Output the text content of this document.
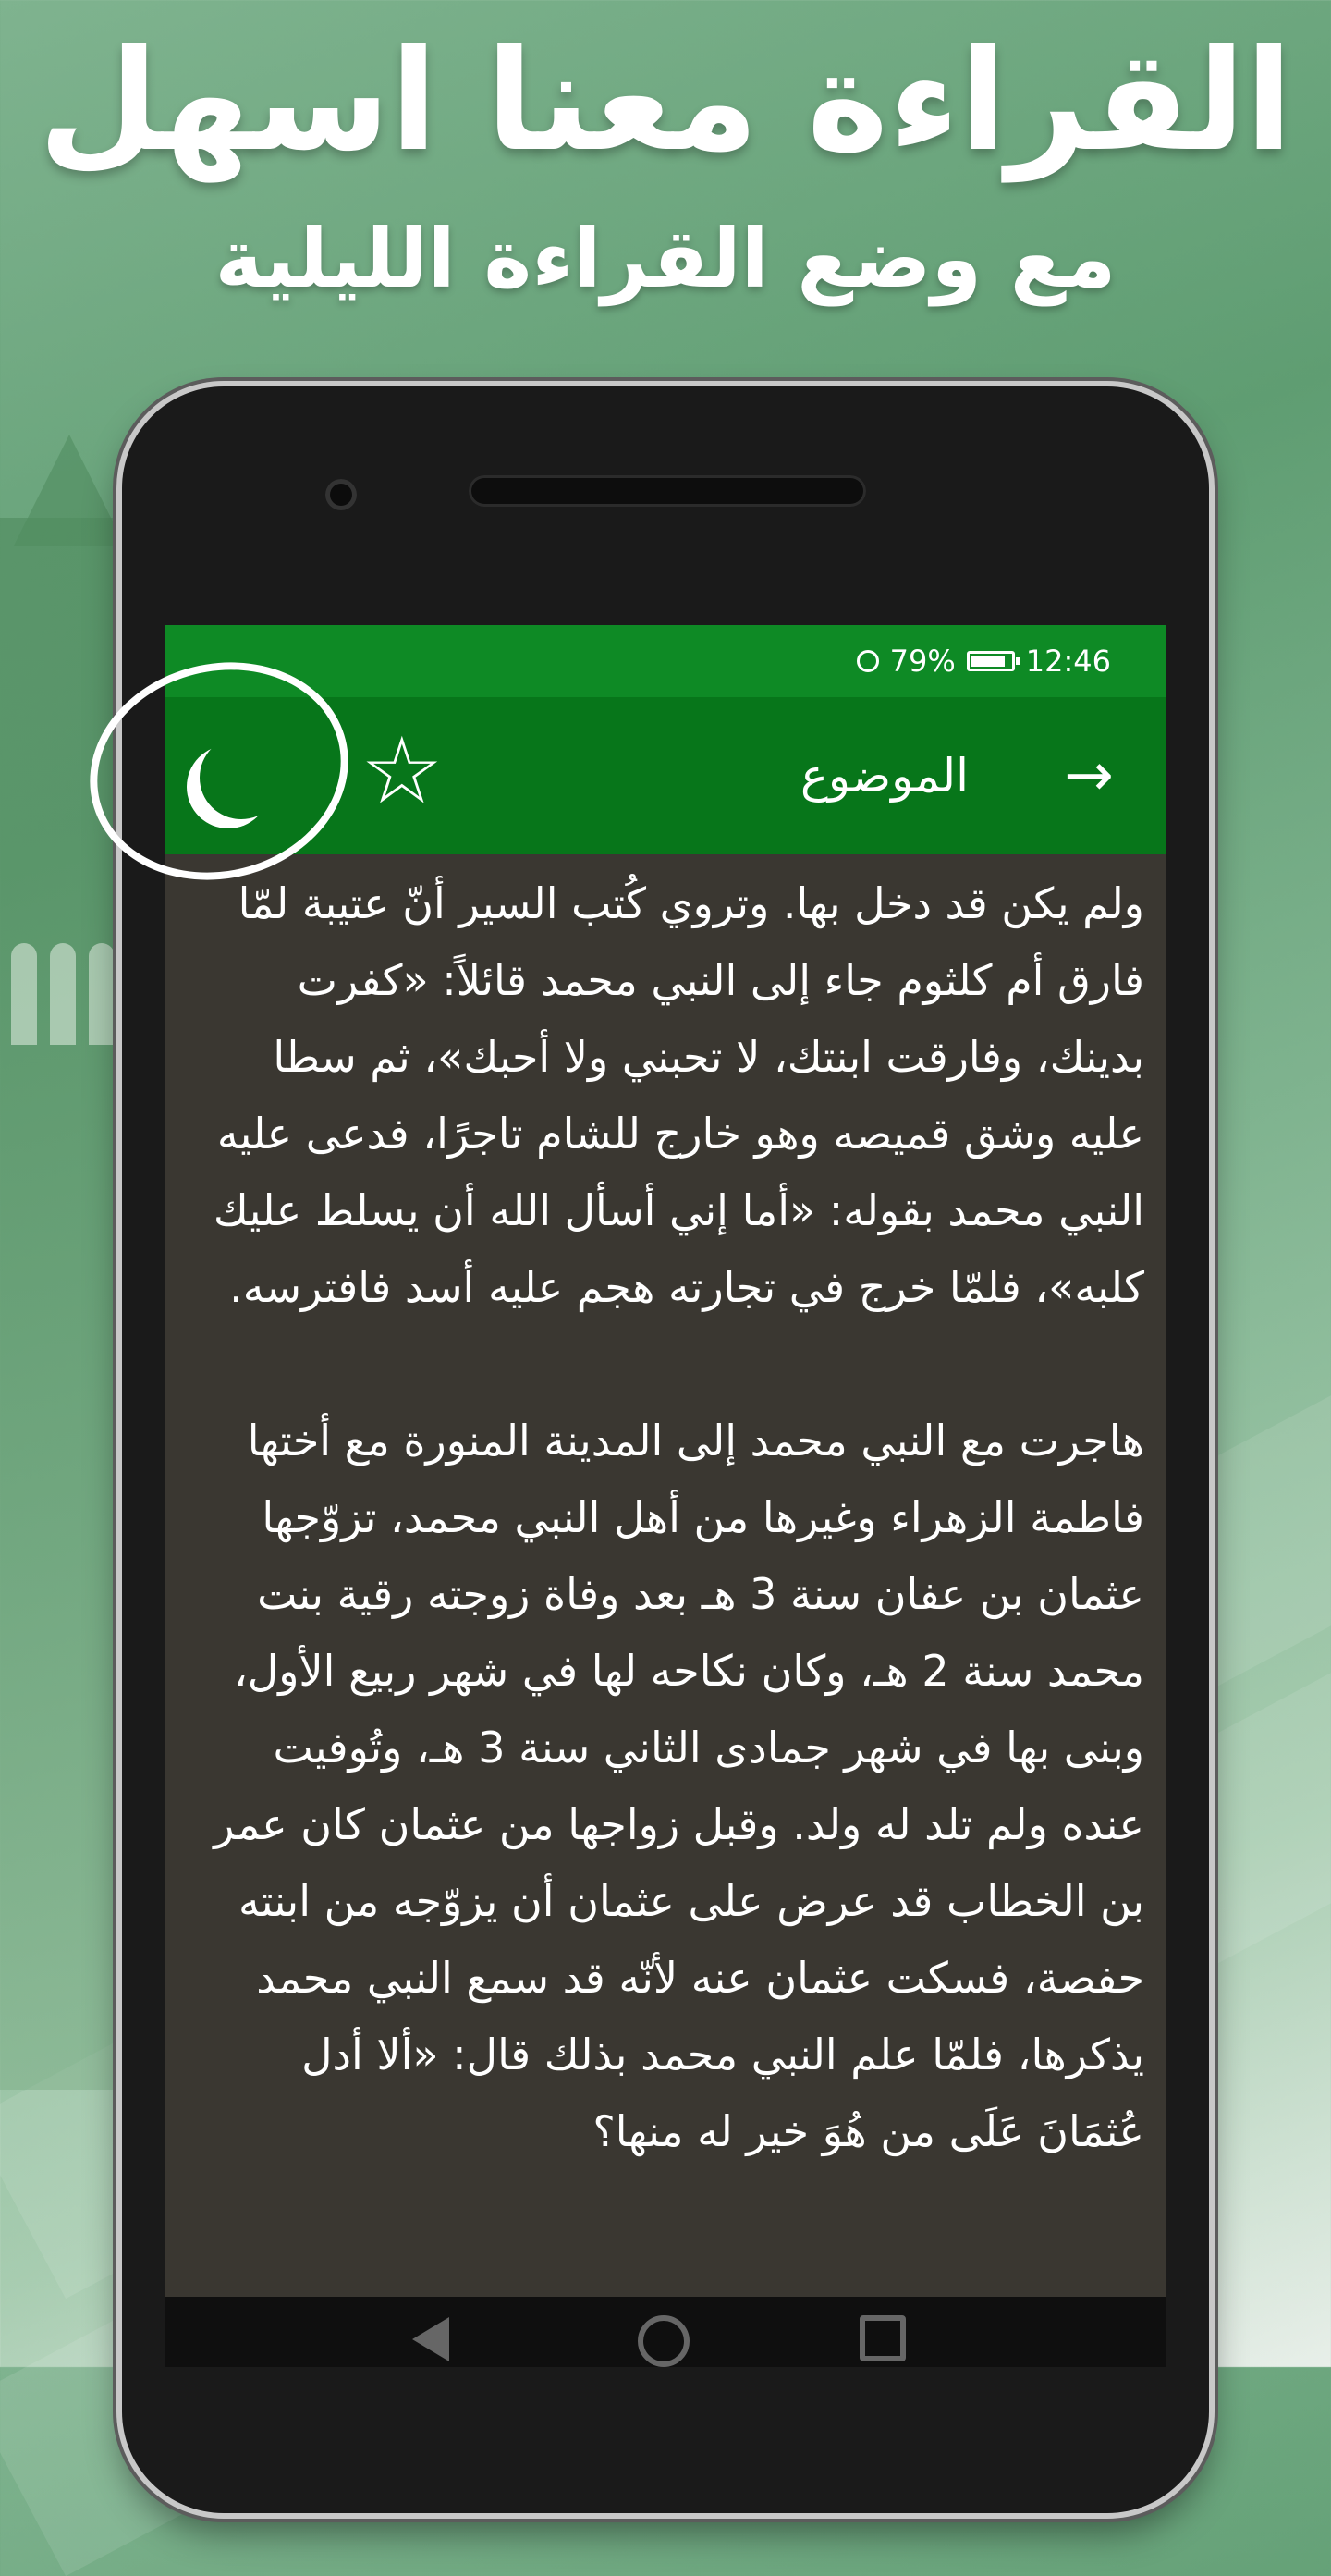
القراءة معنا اسهل
مع وضع القراءة الليلية
79% 12:46
☆	الموضوع →

ولم يكن قد دخل بها. وتروي كُتب السير أنّ عتيبة لمّا فارق أم كلثوم جاء إلى النبي محمد قائلاً: «كفرت بدينك، وفارقت ابنتك، لا تحبني ولا أحبك»، ثم سطا عليه وشق قميصه وهو خارج للشام تاجرًا، فدعى عليه النبي محمد بقوله: «أما إني أسأل الله أن يسلط عليك كلبه»، فلمّا خرج في تجارته هجم عليه أسد فافترسه.

هاجرت مع النبي محمد إلى المدينة المنورة مع أختها فاطمة الزهراء وغيرها من أهل النبي محمد، تزوّجها عثمان بن عفان سنة 3 هـ بعد وفاة زوجته رقية بنت محمد سنة 2 هـ، وكان نكاحه لها في شهر ربيع الأول، وبنى بها في شهر جمادى الثاني سنة 3 هـ، وتُوفيت عنده ولم تلد له ولد. وقبل زواجها من عثمان كان عمر بن الخطاب قد عرض على عثمان أن يزوّجه من ابنته حفصة، فسكت عثمان عنه لأنّه قد سمع النبي محمد يذكرها، فلمّا علم النبي محمد بذلك قال: «ألا أدل عُثمَانَ عَلَى من هُوَ خير له منها؟
